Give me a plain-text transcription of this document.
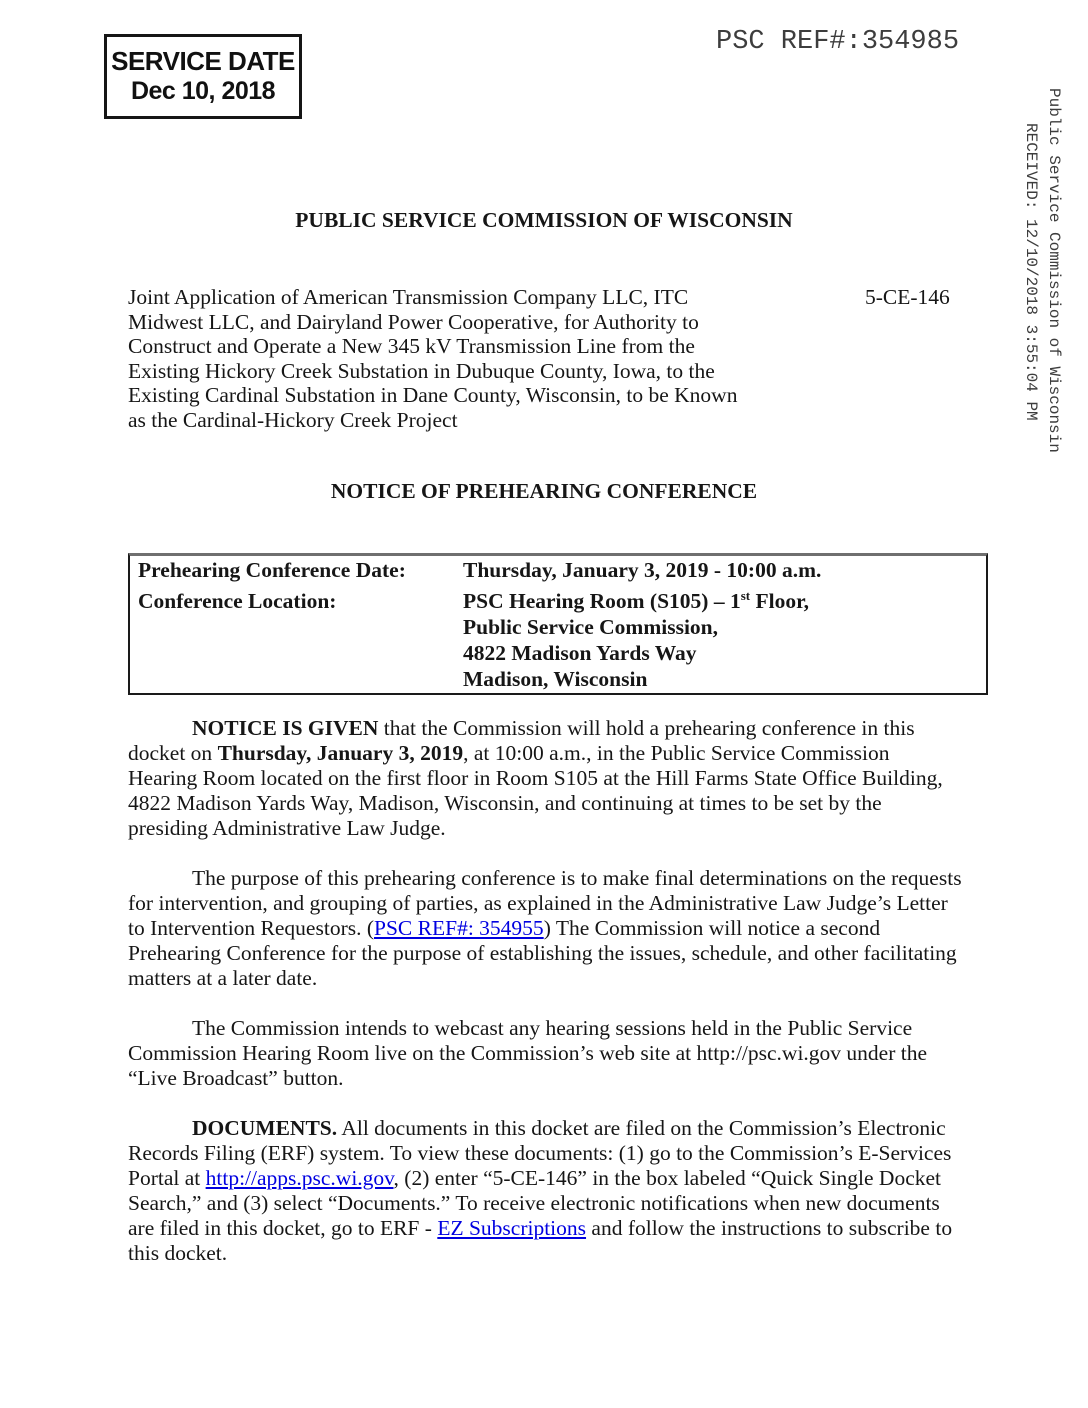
SERVICE DATE
Dec 10, 2018
PSC REF#:354985
Public Service Commission of Wisconsin
RECEIVED: 12/10/2018 3:55:04 PM
PUBLIC SERVICE COMMISSION OF WISCONSIN
Joint Application of American Transmission Company LLC, ITC
Midwest LLC, and Dairyland Power Cooperative, for Authority to
Construct and Operate a New 345 kV Transmission Line from the
Existing Hickory Creek Substation in Dubuque County, Iowa, to the
Existing Cardinal Substation in Dane County, Wisconsin, to be Known
as the Cardinal-Hickory Creek Project
5-CE-146
NOTICE OF PREHEARING CONFERENCE
Prehearing Conference Date:	Thursday, January 3, 2019 - 10:00 a.m.
Conference Location:	PSC Hearing Room (S105) – 1st Floor,
Public Service Commission,
4822 Madison Yards Way
Madison, Wisconsin

NOTICE IS GIVEN that the Commission will hold a prehearing conference in this docket on Thursday, January 3, 2019, at 10:00 a.m., in the Public Service Commission Hearing Room located on the first floor in Room S105 at the Hill Farms State Office Building, 4822 Madison Yards Way, Madison, Wisconsin, and continuing at times to be set by the presiding Administrative Law Judge.

The purpose of this prehearing conference is to make final determinations on the requests for intervention, and grouping of parties, as explained in the Administrative Law Judge’s Letter to Intervention Requestors. (PSC REF#: 354955) The Commission will notice a second Prehearing Conference for the purpose of establishing the issues, schedule, and other facilitating matters at a later date.

The Commission intends to webcast any hearing sessions held in the Public Service Commission Hearing Room live on the Commission’s web site at http://psc.wi.gov under the “Live Broadcast” button.

DOCUMENTS. All documents in this docket are filed on the Commission’s Electronic Records Filing (ERF) system. To view these documents: (1) go to the Commission’s E-Services Portal at http://apps.psc.wi.gov, (2) enter “5-CE-146” in the box labeled “Quick Single Docket Search,” and (3) select “Documents.” To receive electronic notifications when new documents are filed in this docket, go to ERF - EZ Subscriptions and follow the instructions to subscribe to this docket.
